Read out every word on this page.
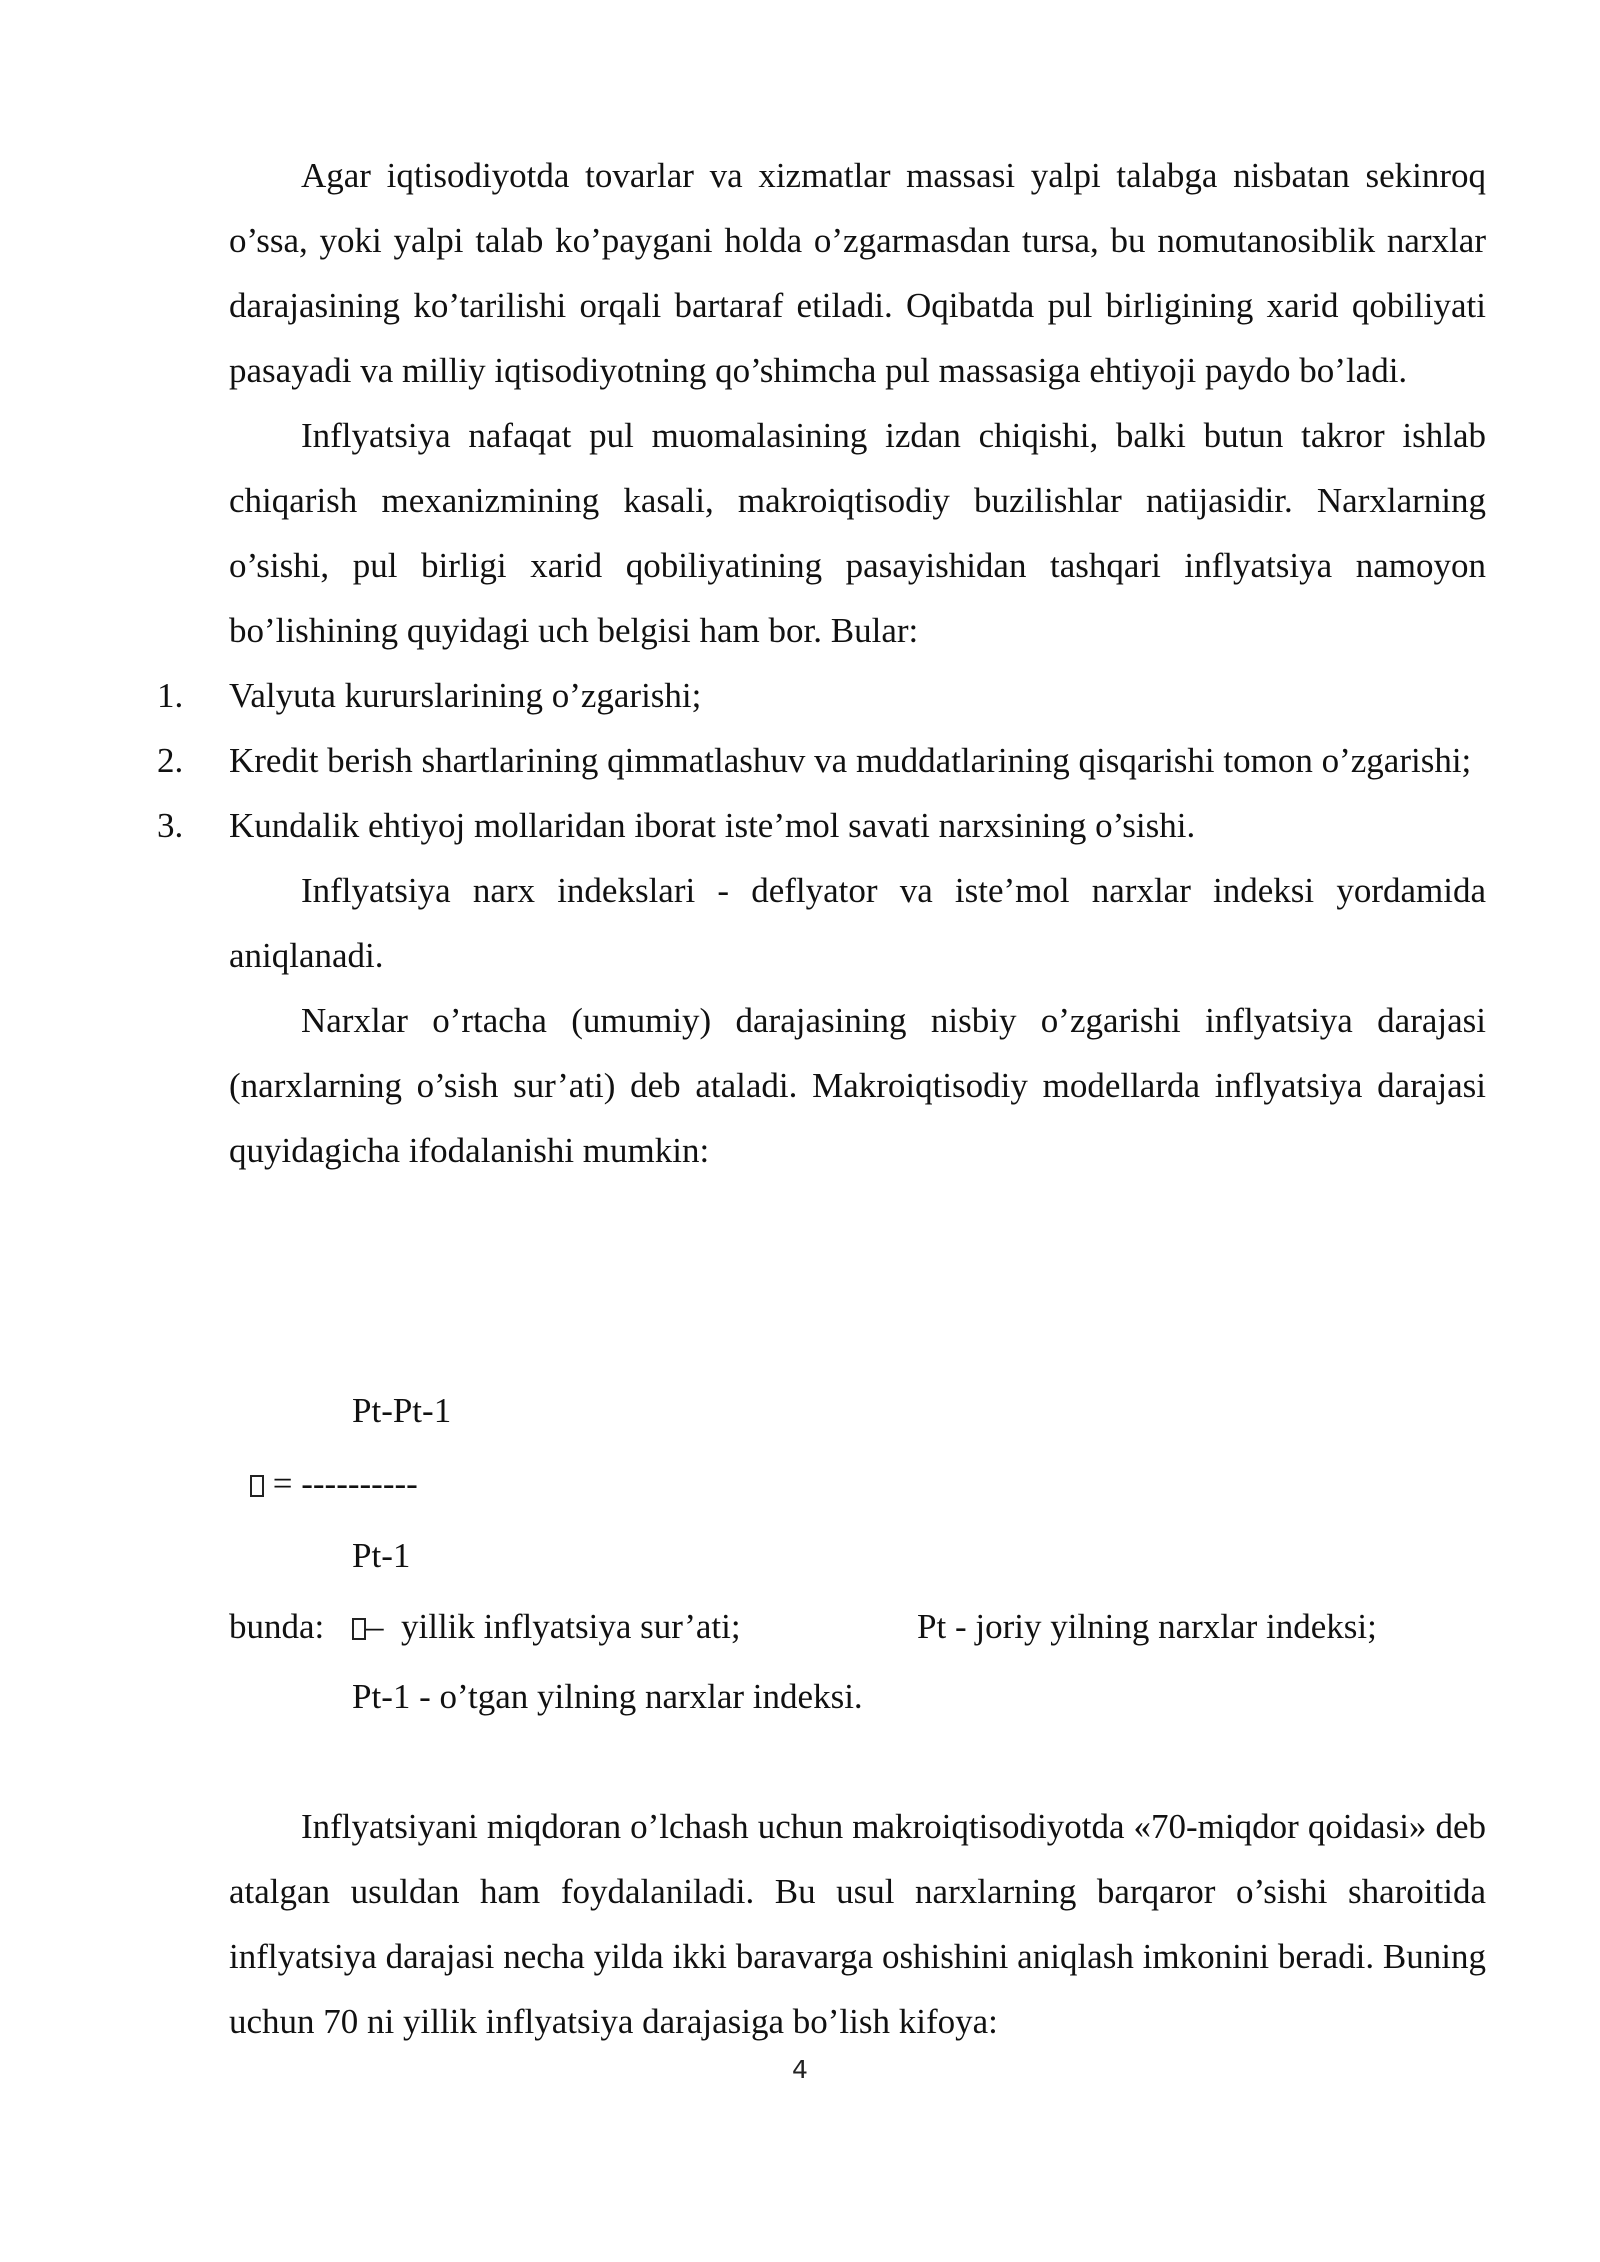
Agar iqtisodiyotda tovarlar va xizmatlar massasi yalpi talabga nisbatan sekinroq o’ssa, yoki yalpi talab ko’paygani holda o’zgarmasdan tursa, bu nomutanosiblik narxlar darajasining ko’tarilishi orqali bartaraf etiladi. Oqibatda pul birligining xarid qobiliyati pasayadi va milliy iqtisodiyotning qo’shimcha pul massasiga ehtiyoji paydo bo’ladi.

Inflyatsiya nafaqat pul muomalasining izdan chiqishi, balki butun takror ishlab chiqarish mexanizmining kasali, makroiqtisodiy buzilishlar natijasidir. Narxlarning o’sishi, pul birligi xarid qobiliyatining pasayishidan tashqari inflyatsiya namoyon bo’lishining quyidagi uch belgisi ham bor. Bular:

1. Valyuta kururslarining o’zgarishi;
2. Kredit berish shartlarining qimmatlashuv va muddatlarining qisqarishi tomon o’zgarishi;
3. Kundalik ehtiyoj mollaridan iborat iste’mol savati narxsining o’sishi.

Inflyatsiya narx indekslari - deflyator va iste’mol narxlar indeksi yordamida aniqlanadi.

Narxlar o’rtacha (umumiy) darajasining nisbiy o’zgarishi inflyatsiya darajasi (narxlarning o’sish sur’ati) deb ataladi. Makroiqtisodiy modellarda inflyatsiya darajasi quyidagicha ifodalanishi mumkin:

Pt-Pt-1
= ----------
Pt-1
bunda:	–  yillik inflyatsiya sur’ati;	Pt - joriy yilning narxlar indeksi;
Pt-1 - o’tgan yilning narxlar indeksi.

Inflyatsiyani miqdoran o’lchash uchun makroiqtisodiyotda «70-miqdor qoidasi» deb atalgan usuldan ham foydalaniladi. Bu usul narxlarning barqaror o’sishi sharoitida inflyatsiya darajasi necha yilda ikki baravarga oshishini aniqlash imkonini beradi. Buning uchun 70 ni yillik inflyatsiya darajasiga bo’lish kifoya:

4
